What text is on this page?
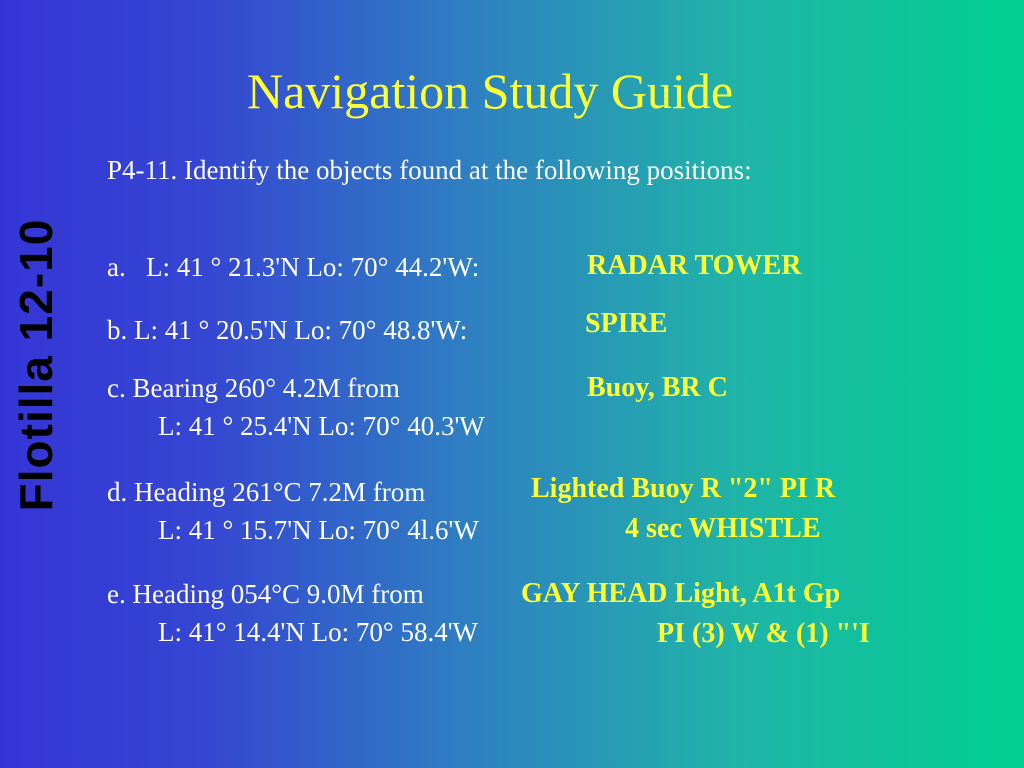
Flotilla 12-10
Navigation Study Guide
P4-11. Identify the objects found at the following positions:
a.   L: 41 ° 21.3'N Lo: 70° 44.2'W:	RADAR TOWER
b. L: 41 ° 20.5'N Lo: 70° 48.8'W:	SPIRE
c. Bearing 260° 4.2M from
L: 41 ° 25.4'N Lo: 70° 40.3'W
Buoy, BR C
d. Heading 261°C 7.2M from
L: 41 ° 15.7'N Lo: 70° 4l.6'W
Lighted Buoy R "2" PI R
4 sec WHISTLE
e. Heading 054°C 9.0M from
L: 41° 14.4'N Lo: 70° 58.4'W
GAY HEAD Light, A1t Gp
PI (3) W & (1) "'I
